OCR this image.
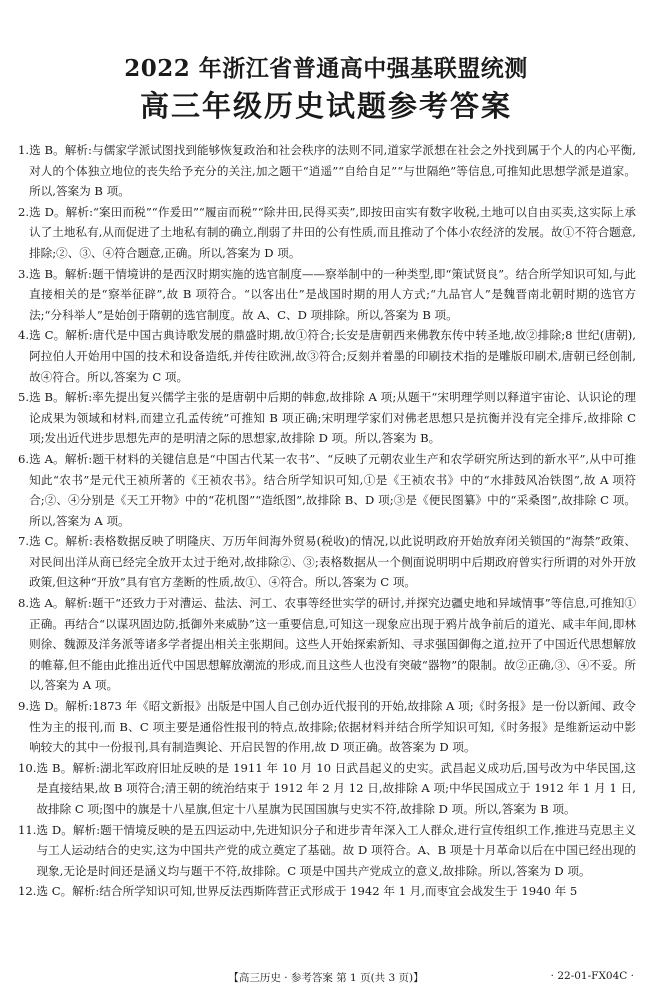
2022 年浙江省普通高中强基联盟统测
高三年级历史试题参考答案
1. 选 B。解析:与儒家学派试图找到能够恢复政治和社会秩序的法则不同,道家学派想在社会之外找到属于个人的内心平衡,对人的个体独立地位的丧失给予充分的关注,加之题干“逍遥”“自给自足”“与世隔绝”等信息,可推知此思想学派是道家。所以,答案为 B 项。
2. 选 D。解析:“案田而税”“作爰田”“履亩而税”“除井田,民得买卖”,即按田亩实有数字收税,土地可以自由买卖,这实际上承认了土地私有,从而促进了土地私有制的确立,削弱了井田的公有性质,而且推动了个体小农经济的发展。故①不符合题意,排除;②、③、④符合题意,正确。所以,答案为 D 项。
3. 选 B。解析:题干情境讲的是西汉时期实施的选官制度——察举制中的一种类型,即“策试贤良”。结合所学知识可知,与此直接相关的是“察举征辟”,故 B 项符合。“以客出仕”是战国时期的用人方式;“九品官人”是魏晋南北朝时期的选官方法;“分科举人”是始创于隋朝的选官制度。故 A、C、D 项排除。所以,答案为 B 项。
4. 选 C。解析:唐代是中国古典诗歌发展的鼎盛时期,故①符合;长安是唐朝西来佛教东传中转圣地,故②排除;8 世纪(唐朝),阿拉伯人开始用中国的技术和设备造纸,并传往欧洲,故③符合;反刻并着墨的印刷技术指的是雕版印刷术,唐朝已经创制,故④符合。所以,答案为 C 项。
5. 选 B。解析:率先提出复兴儒学主张的是唐朝中后期的韩愈,故排除 A 项;从题干“宋明理学则以释道宇宙论、认识论的理论成果为领域和材料,而建立孔孟传统”可推知 B 项正确;宋明理学家们对佛老思想只是抗衡并没有完全排斥,故排除 C 项;发出近代进步思想先声的是明清之际的思想家,故排除 D 项。所以,答案为 B。
6. 选 A。解析:题干材料的关键信息是“中国古代某一农书”、“反映了元朝农业生产和农学研究所达到的新水平”,从中可推知此“农书”是元代王祯所著的《王祯农书》。结合所学知识可知,①是《王祯农书》中的“水排鼓风冶铁图”,故 A 项符合;②、④分别是《天工开物》中的“花机图”“造纸图”,故排除 B、D 项;③是《便民图纂》中的“采桑图”,故排除 C 项。所以,答案为 A 项。
7. 选 C。解析:表格数据反映了明隆庆、万历年间海外贸易(税收)的情况,以此说明政府开始放弃闭关锁国的“海禁”政策、对民间出洋从商已经完全放开太过于绝对,故排除②、③;表格数据从一个侧面说明明中后期政府曾实行所谓的对外开放政策,但这种“开放”具有官方垄断的性质,故①、④符合。所以,答案为 C 项。
8. 选 A。解析:题干“还致力于对漕运、盐法、河工、农事等经世实学的研讨,并探究边疆史地和异域情事”等信息,可推知①正确。再结合“以谋巩固边防,抵御外来威胁”这一重要信息,可知这一现象应出现于鸦片战争前后的道光、咸丰年间,即林则徐、魏源及洋务派等诸多学者提出相关主张期间。这些人开始探索新知、寻求强国御侮之道,拉开了中国近代思想解放的帷幕,但不能由此推出近代中国思想解放潮流的形成,而且这些人也没有突破“器物”的限制。故②正确,③、④不妥。所以,答案为 A 项。
9. 选 D。解析:1873 年《昭文新报》出版是中国人自己创办近代报刊的开始,故排除 A 项;《时务报》是一份以新闻、政令性为主的报刊,而 B、C 项主要是通俗性报刊的特点,故排除;依据材料并结合所学知识可知,《时务报》是维新运动中影响较大的其中一份报刊,具有制造舆论、开启民智的作用,故 D 项正确。故答案为 D 项。
10. 选 B。解析:湖北军政府旧址反映的是 1911 年 10 月 10 日武昌起义的史实。武昌起义成功后,国号改为中华民国,这是直接结果,故 B 项符合;清王朝的统治结束于 1912 年 2 月 12 日,故排除 A 项;中华民国成立于 1912 年 1 月 1 日,故排除 C 项;图中的旗是十八星旗,但定十八星旗为民国国旗与史实不符,故排除 D 项。所以,答案为 B 项。
11. 选 D。解析:题干情境反映的是五四运动中,先进知识分子和进步青年深入工人群众,进行宣传组织工作,推进马克思主义与工人运动结合的史实,这为中国共产党的成立奠定了基础。故 D 项符合。A、B 项是十月革命以后在中国已经出现的现象,无论是时间还是涵义均与题干不符,故排除。C 项是中国共产党成立的意义,故排除。所以,答案为 D 项。
12. 选 C。解析:结合所学知识可知,世界反法西斯阵营正式形成于 1942 年 1 月,而枣宜会战发生于 1940 年 5
【高三历史 · 参考答案 第 1 页(共 3 页)】	· 22-01-FX04C ·
